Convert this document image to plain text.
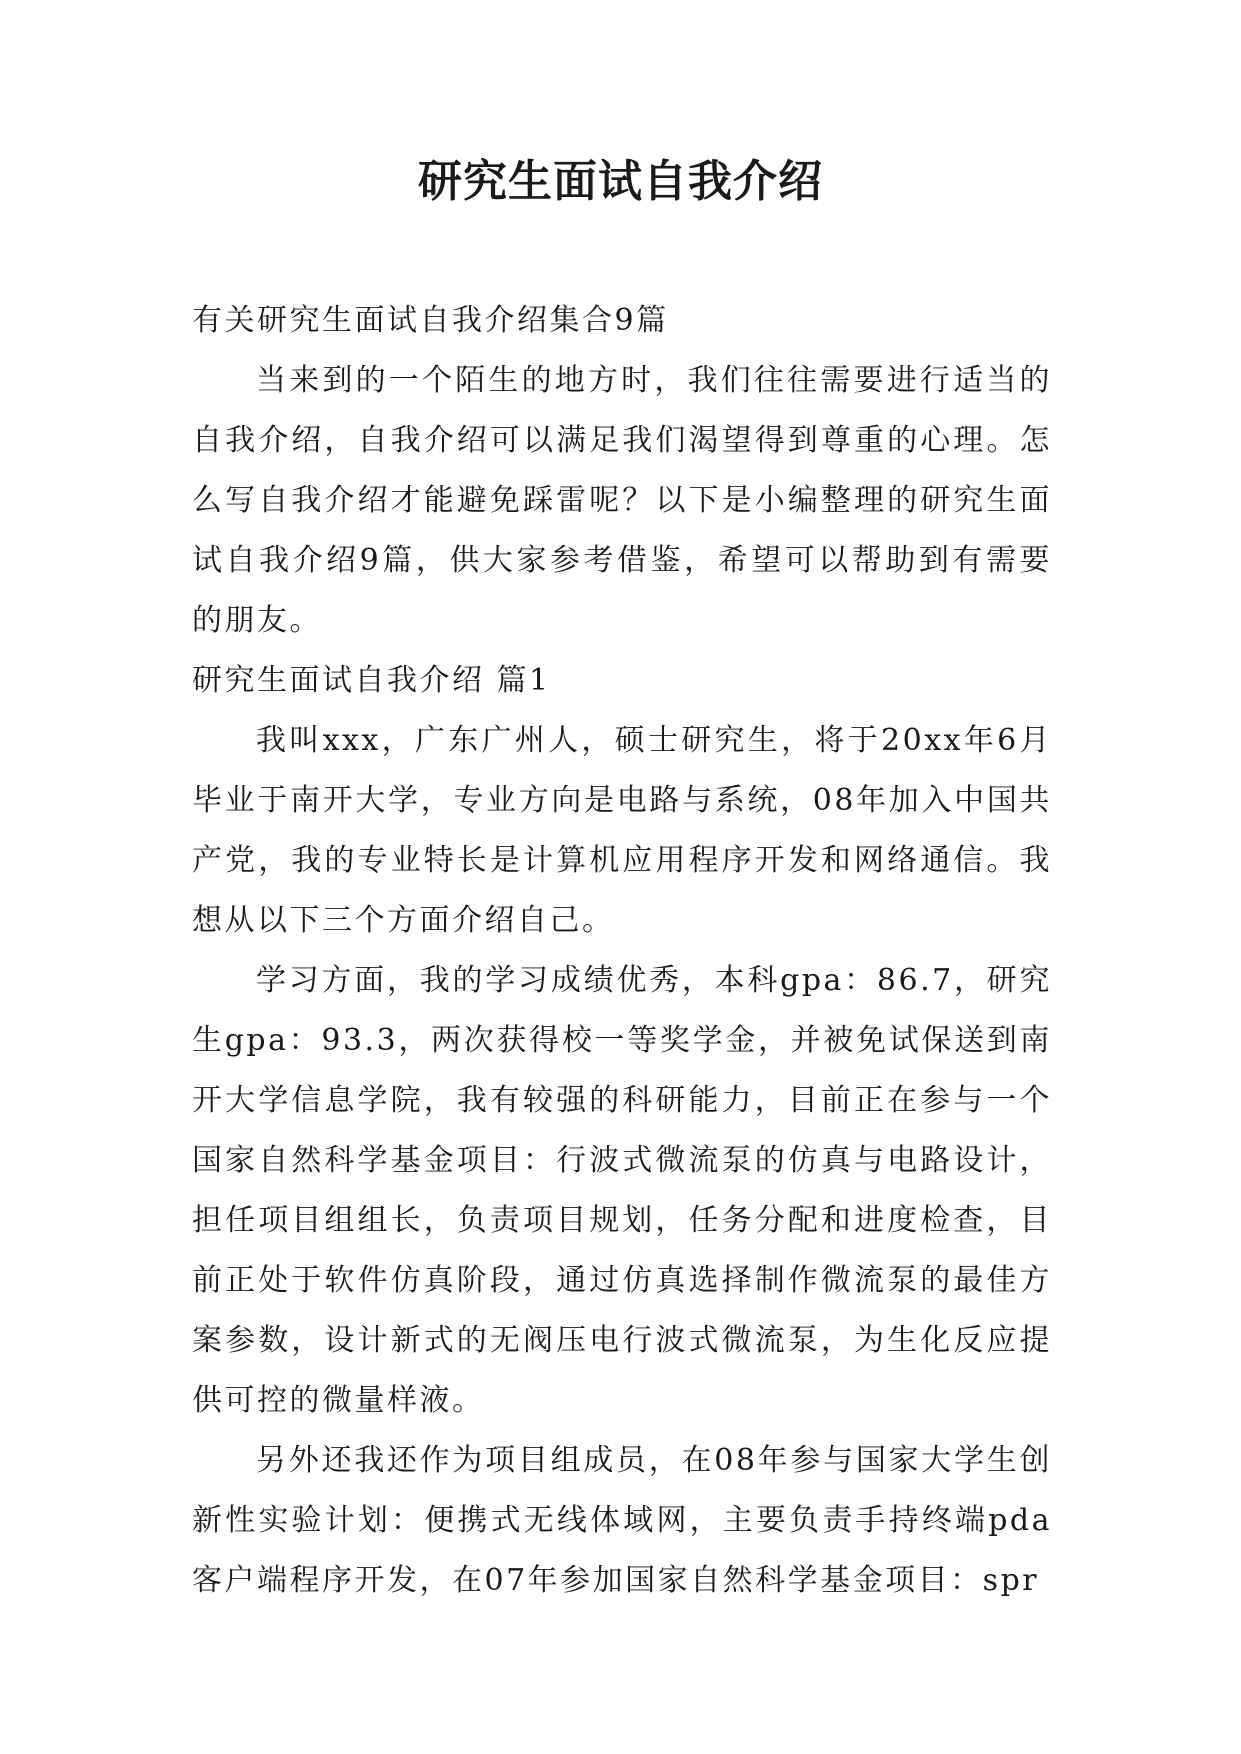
研究生面试自我介绍

有关研究生面试自我介绍集合9篇

当来到的一个陌生的地方时，我们往往需要进行适当的自我介绍，自我介绍可以满足我们渴望得到尊重的心理。怎么写自我介绍才能避免踩雷呢？以下是小编整理的研究生面试自我介绍9篇，供大家参考借鉴，希望可以帮助到有需要的朋友。

研究生面试自我介绍 篇1

我叫xxx，广东广州人，硕士研究生，将于20xx年6月毕业于南开大学，专业方向是电路与系统，08年加入中国共产党，我的专业特长是计算机应用程序开发和网络通信。我想从以下三个方面介绍自己。

学习方面，我的学习成绩优秀，本科gpa：86.7，研究生gpa：93.3，两次获得校一等奖学金，并被免试保送到南开大学信息学院，我有较强的科研能力，目前正在参与一个国家自然科学基金项目：行波式微流泵的仿真与电路设计，担任项目组组长，负责项目规划，任务分配和进度检查，目前正处于软件仿真阶段，通过仿真选择制作微流泵的最佳方案参数，设计新式的无阀压电行波式微流泵，为生化反应提供可控的微量样液。

另外还我还作为项目组成员，在08年参与国家大学生创新性实验计划：便携式无线体域网，主要负责手持终端pda客户端程序开发，在07年参加国家自然科学基金项目：spr
